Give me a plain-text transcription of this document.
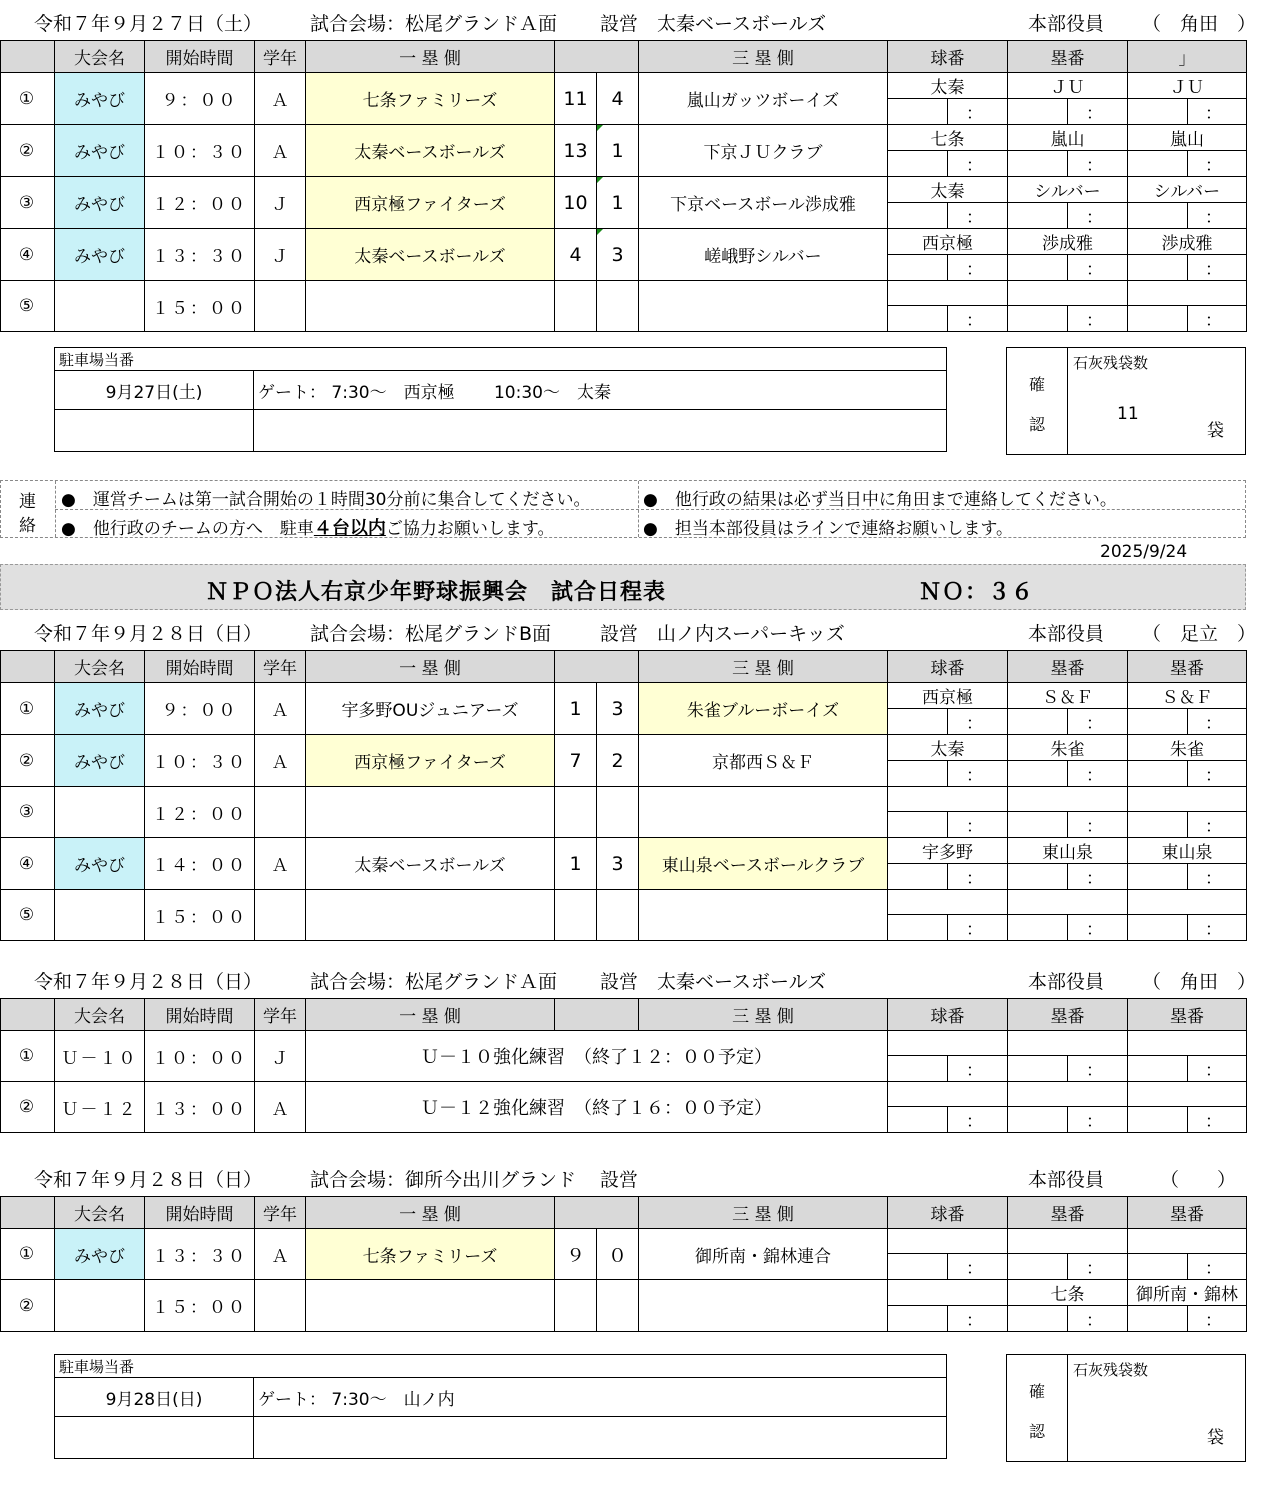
令和７年９月２７日（土）	試合会場：松尾グランドＡ面 設営　太秦ベースボールズ	本部役員 （　角田　）
	大会名	開始時間	学年	一 塁 側			三 塁 側	球番		塁番		」	
①	みやび	９：００	Ａ	七条ファミリーズ	11	4	嵐山ガッツボーイズ	太秦		ＪＵ		ＪＵ	
									：		：		：
②	みやび	１０：３０	Ａ	太秦ベースボールズ	13	1	下京ＪＵクラブ	七条		嵐山		嵐山	
									：		：		：
③	みやび	１２：００	Ｊ	西京極ファイターズ	10	1	下京ベースボール渉成雅	太秦		シルバー		シルバー	
									：		：		：
④	みやび	１３：３０	Ｊ	太秦ベースボールズ	4	3	嵯峨野シルバー	西京極		渉成雅		渉成雅	
									：		：		：
⑤		１５：００											
									：		：		：
駐車場当番	
9月27日(土)	ゲート： 7:30～　西京極　　 10:30～　太秦
		確
認
石灰残袋数
11
袋
連
絡
●　 運営チームは第一試合開始の１時間30分前に集合してください。	●　 他行政の結果は必ず当日中に角田まで連絡してください。
●　 他行政のチームの方へ　駐車４台以内ご協力お願いします。	●　 担当本部役員はラインで連絡お願いします。
2025/9/24
ＮＰＯ法人右京少年野球振興会　試合日程表	ＮＯ：３６
令和７年９月２８日（日）	試合会場：松尾グランドB面	設営　山ノ内スーパーキッズ	本部役員 （　足立　）
	大会名	開始時間	学年	一 塁 側			三 塁 側	球番		塁番		塁番	
①	みやび	９：００	Ａ	宇多野OUジュニアーズ	1	3	朱雀ブルーボーイズ	西京極		Ｓ＆Ｆ		Ｓ＆Ｆ	
									：		：		：
②	みやび	１０：３０	Ａ	西京極ファイターズ	7	2	京都西Ｓ＆Ｆ	太秦		朱雀		朱雀	
									：		：		：
③		１２：００											
									：		：		：
④	みやび	１４：００	Ａ	太秦ベースボールズ	1	3	東山泉ベースボールクラブ	宇多野		東山泉		東山泉	
									：		：		：
⑤		１５：００											
									：		：		：
令和７年９月２８日（日）	試合会場：松尾グランドＡ面 設営　太秦ベースボールズ	本部役員 （　角田　）
	大会名	開始時間	学年	一 塁 側		三 塁 側	球番		塁番		塁番	
①	Ｕ－１０	１０：００	Ｊ	Ｕ－１０強化練習　（終了１２：００予定）								
								：		：		：
②	Ｕ－１２	１３：００	Ａ	Ｕ－１２強化練習　（終了１６：００予定）								
								：		：		：
令和７年９月２８日（日）	試合会場：御所今出川グランド 設営	本部役員	（　　）
	大会名	開始時間	学年	一 塁 側			三 塁 側	球番		塁番		塁番	
①	みやび	１３：３０	Ａ	七条ファミリーズ	９	０	御所南・錦林連合						
									：		：		：
②		１５：００								七条		御所南・錦林	
									：		：		：
駐車場当番	
9月28日(日)	ゲート： 7:30～　山ノ内
		確
認
石灰残袋数
袋
